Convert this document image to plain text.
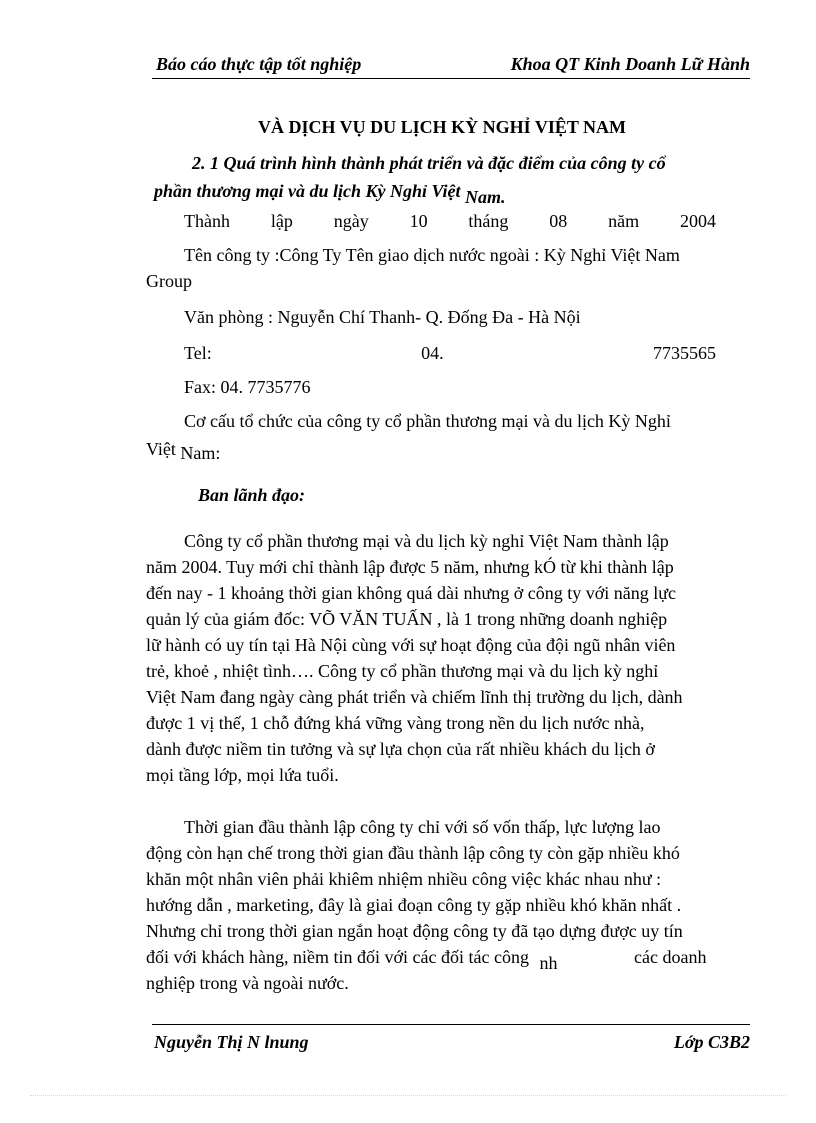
Báo cáo thực tập tốt nghiệp	Khoa QT Kinh Doanh Lữ Hành
VÀ DỊCH VỤ DU LỊCH KỲ NGHỈ VIỆT NAM
2. 1 Quá trình hình thành phát triển và đặc điểm của công ty cổ
phần thương mại và du lịch Kỳ Nghỉ Việt Nam.
Thành lập ngày 10 tháng 08 năm 2004
Tên công ty :Công Ty Tên giao dịch nước ngoài : Kỳ Nghỉ Việt Nam
Group
Văn phòng : Nguyễn Chí Thanh- Q. Đống Đa - Hà Nội
Tel:	04.	7735565
Fax: 04. 7735776
Cơ cấu tổ chức của công ty cổ phần thương mại và du lịch Kỳ Nghỉ
Việt Nam:
Ban lãnh đạo:
Công ty cổ phần thương mại và du lịch kỳ nghỉ Việt Nam thành lập
năm 2004. Tuy mới chỉ thành lập được 5 năm, nhưng kÓ từ khi thành lập
đến nay - 1 khoảng thời gian không quá dài nhưng ở công ty với năng lực
quản lý của giám đốc: VÕ VĂN TUẤN , là 1 trong những doanh nghiệp
lữ hành có uy tín tại Hà Nội cùng với sự hoạt động của đội ngũ nhân viên
trẻ, khoẻ , nhiệt tình…. Công ty cổ phần thương mại và du lịch kỳ nghỉ
Việt Nam đang ngày càng phát triển và chiếm lĩnh thị trường du lịch, dành
được 1 vị thế, 1 chỗ đứng khá vững vàng trong nền du lịch nước nhà,
dành được niềm tin tưởng và sự lựa chọn của rất nhiều khách du lịch ở
mọi tầng lớp, mọi lứa tuổi.
Thời gian đầu thành lập công ty chỉ với số vốn thấp, lực lượng lao
động còn hạn chế trong thời gian đầu thành lập công ty còn gặp nhiều khó
khăn một nhân viên phải khiêm nhiệm nhiều công việc khác nhau như :
hướng dẫn , marketing, đây là giai đoạn công ty gặp nhiều khó khăn nhất .
Nhưng chỉ trong thời gian ngắn hoạt động công ty đã tạo dựng được uy tín
đối với khách hàng, niềm tin đối với các đối tác công nh	các doanh
nghiệp trong và ngoài nước.
Nguyễn Thị N lnung	Lớp C3B2
